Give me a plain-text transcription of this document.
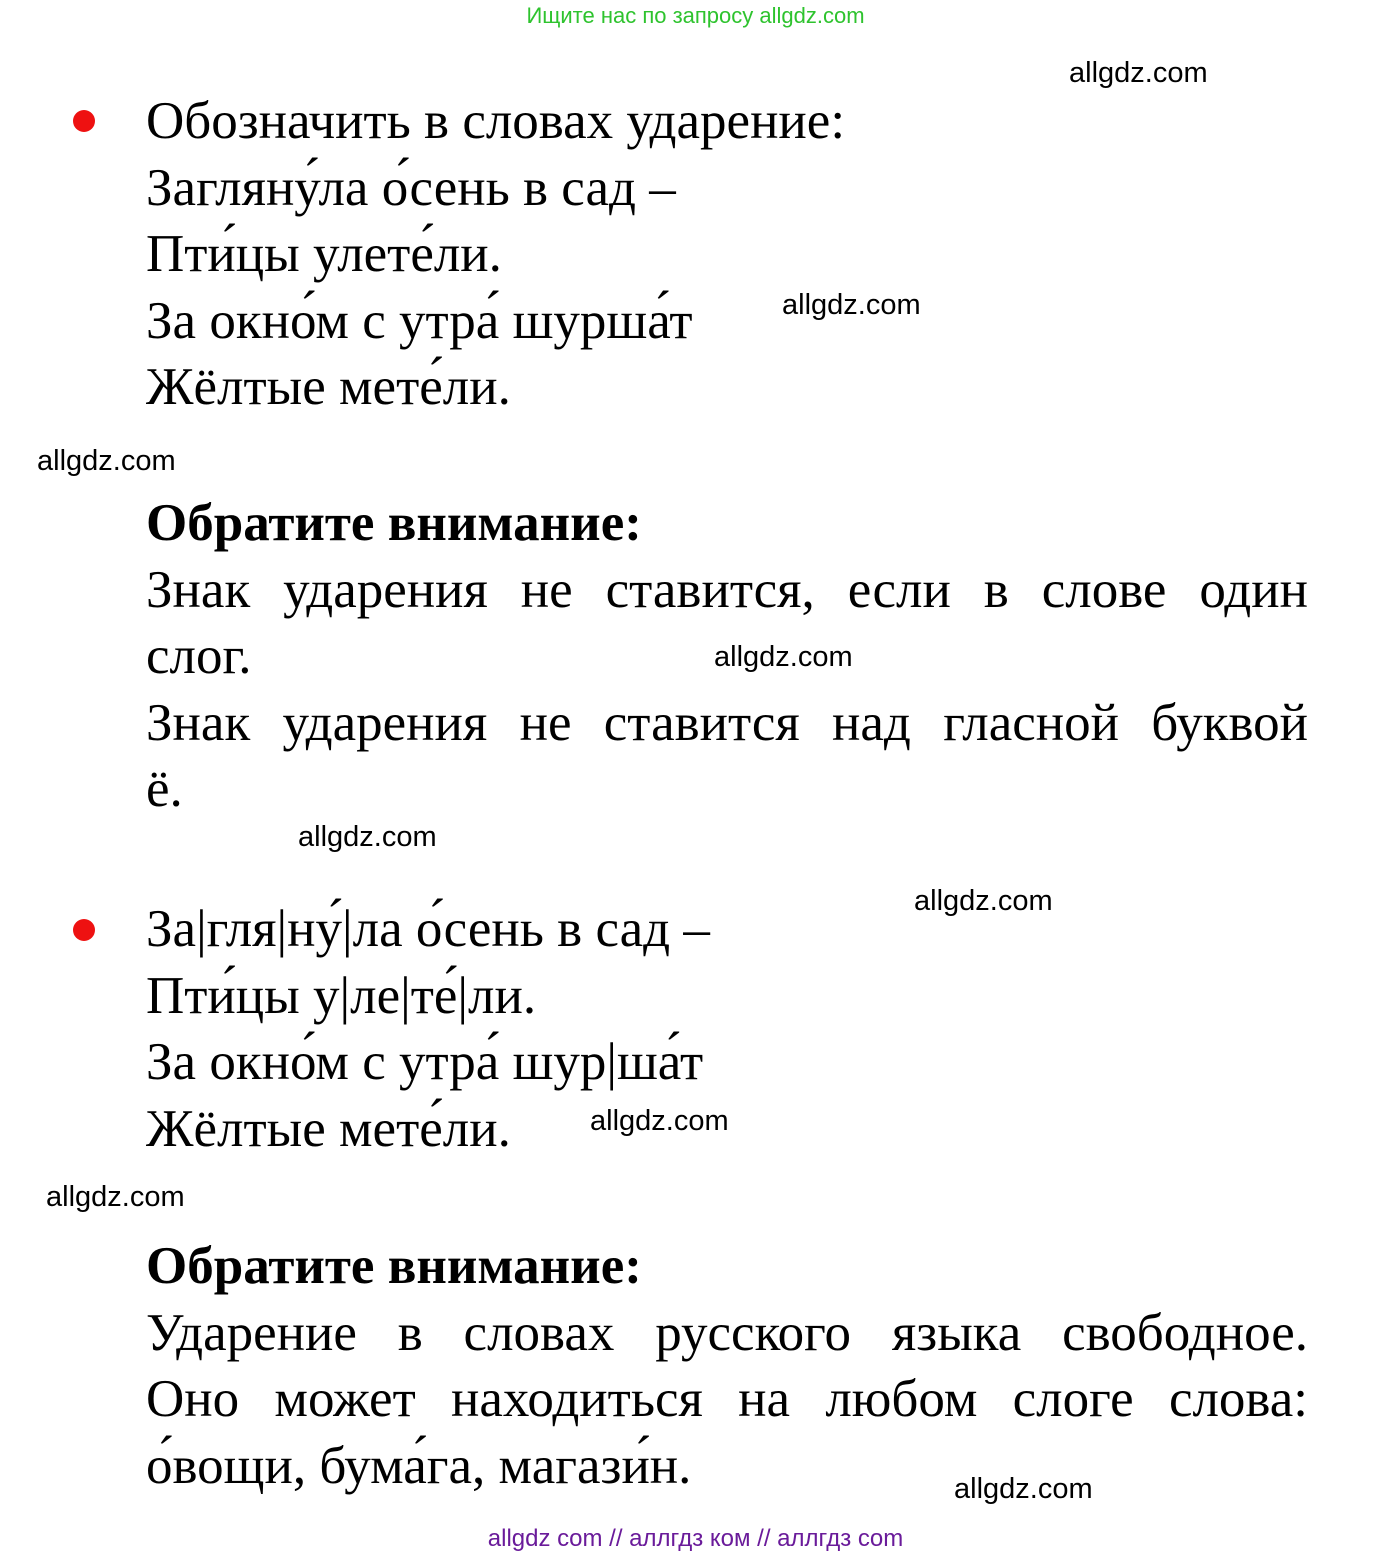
Ищите нас по запросу allgdz.com
allgdz.com
allgdz.com
allgdz.com
allgdz.com
allgdz.com
allgdz.com
allgdz.com
allgdz.com
allgdz.com
Обозначить в словах ударение:
Загляну́ла о́сень в сад –
Пти́цы улете́ли.
За окно́м с утра́ шурша́т
Жёлтые мете́ли.
Обратите внимание:
Знак ударения не ставится, если в слове один
слог.
Знак ударения не ставится над гласной буквой
ё.
За|гля|ну́|ла о́сень в сад –
Пти́цы у|ле|те́|ли.
За окно́м с утра́ шур|ша́т
Жёлтые мете́ли.
Обратите внимание:
Ударение в словах русского языка свободное.
Оно может находиться на любом слоге слова:
о́вощи, бума́га, магази́н.
allgdz com // аллгдз ком // аллгдз com
